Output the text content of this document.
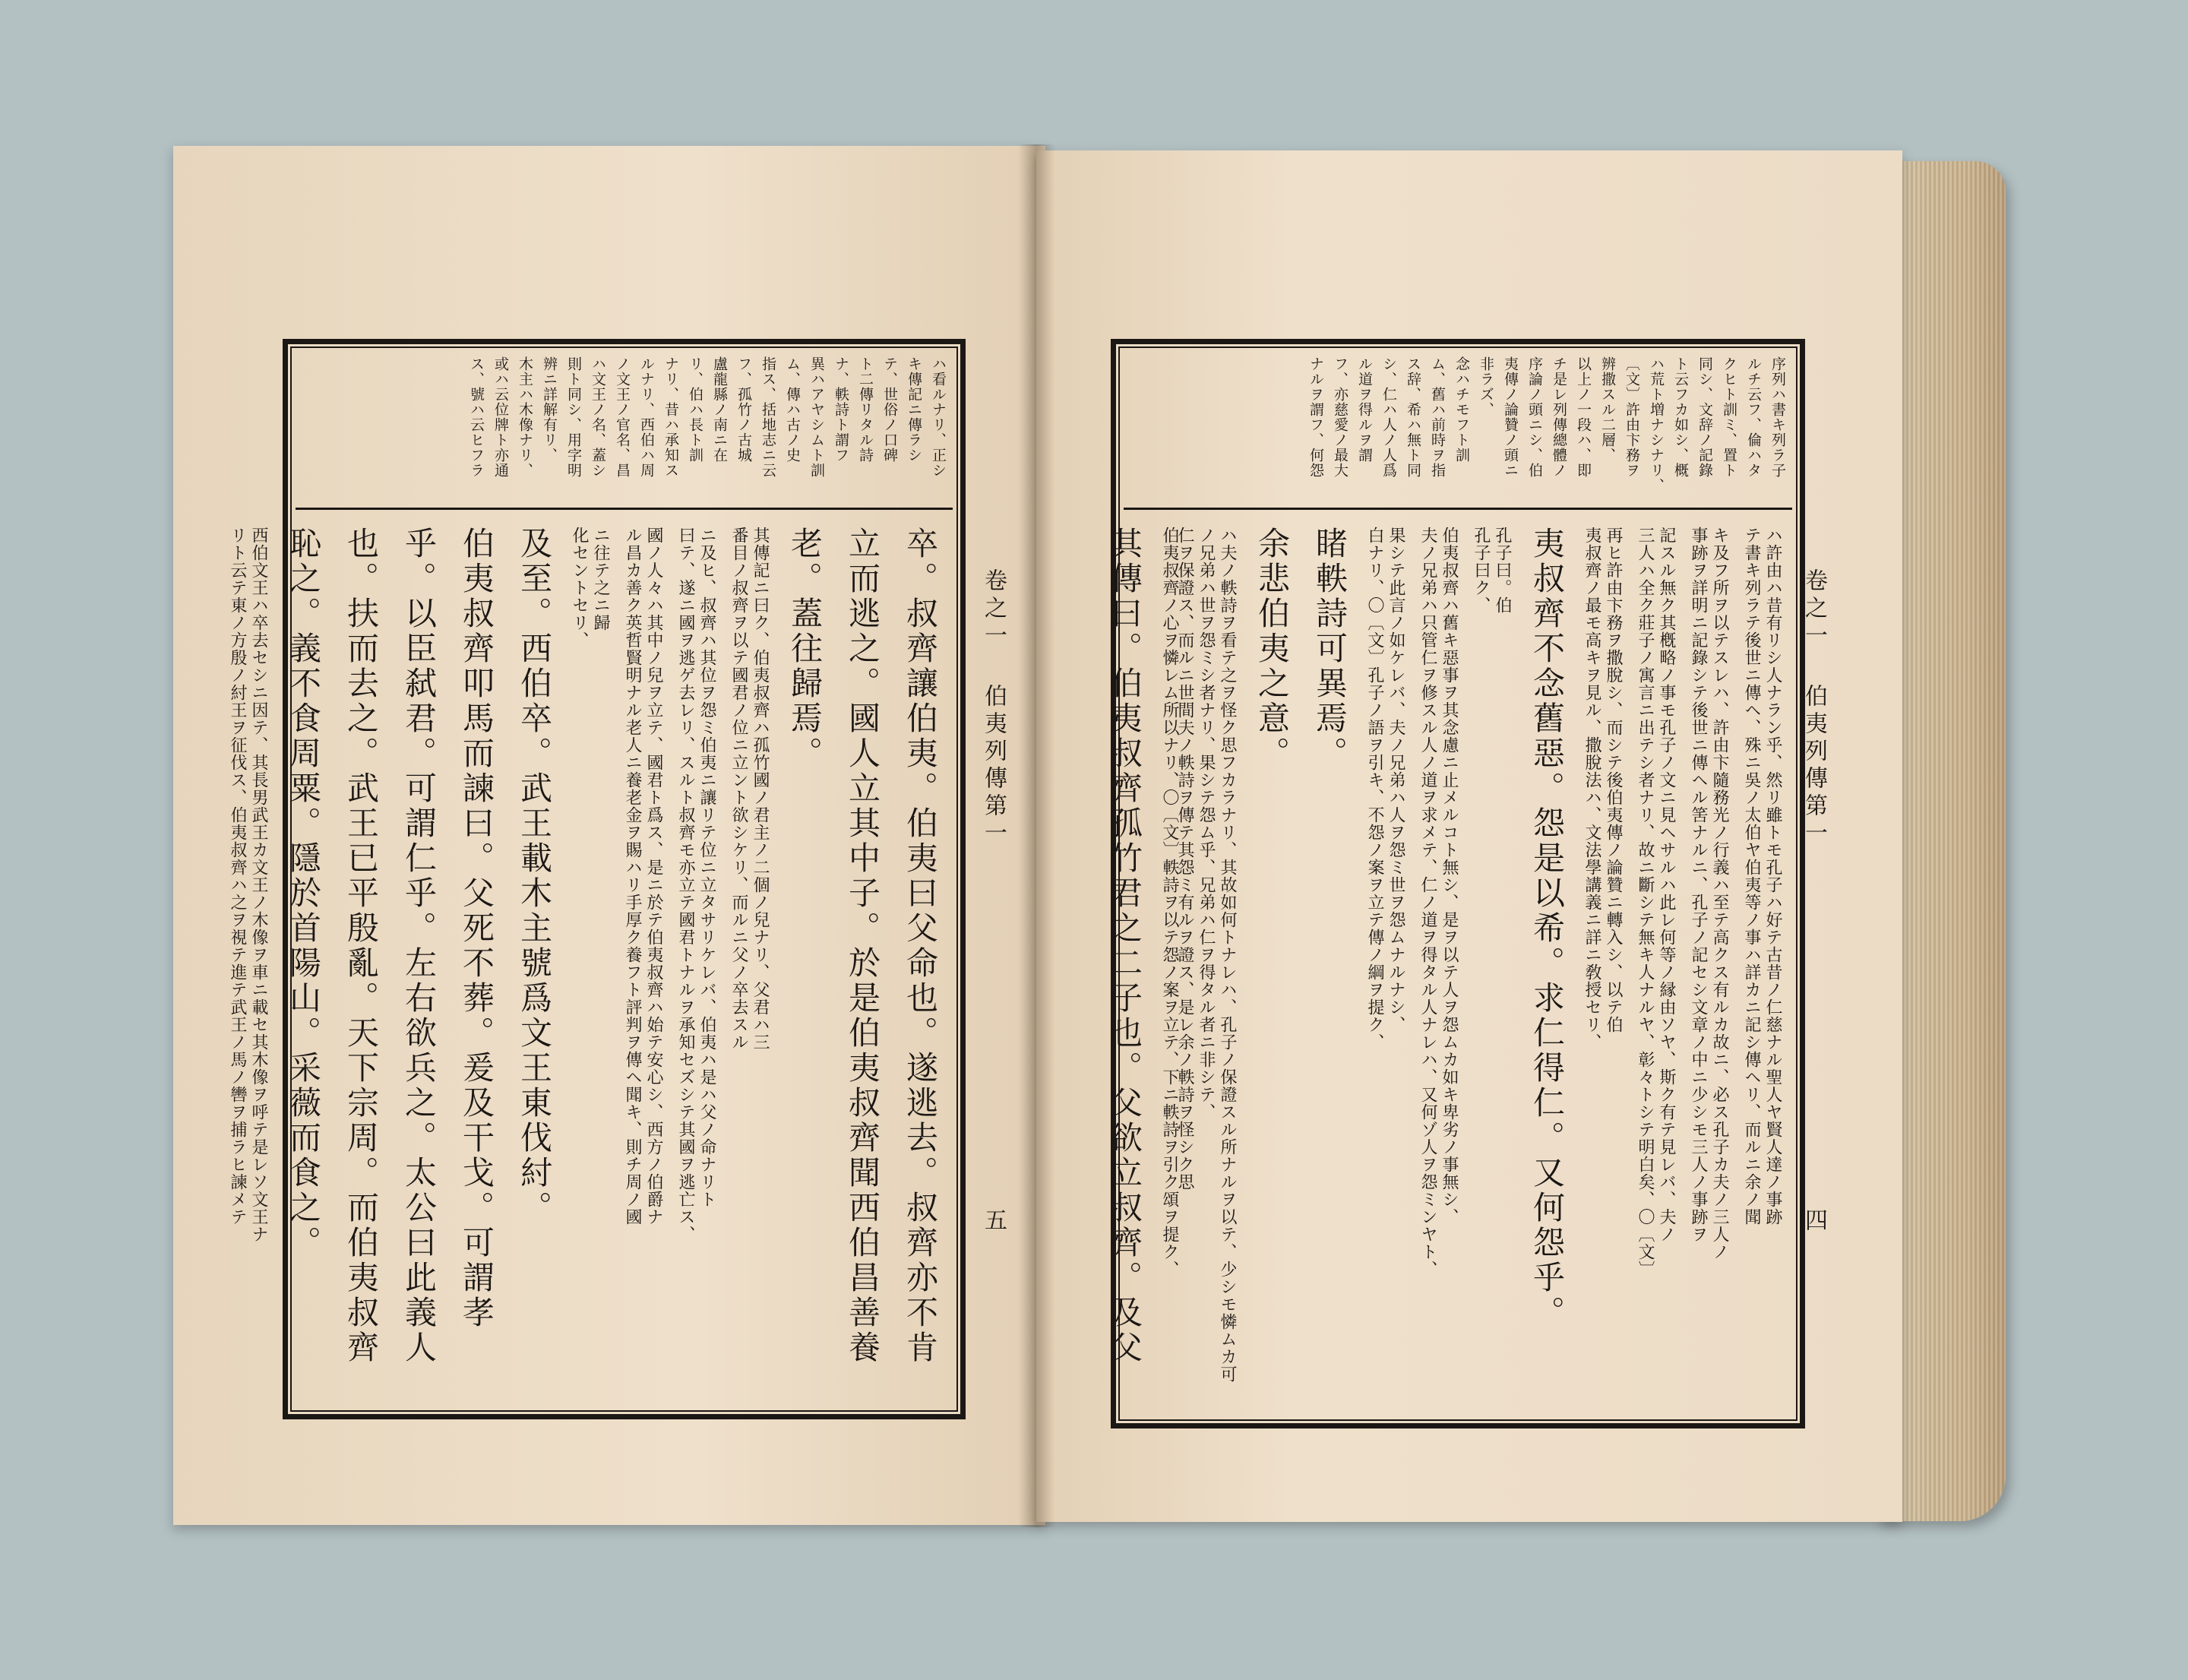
ハ看ルナリ、正シ
キ傳記ニ傳ラシ
テ、世俗ノ口碑
ト二傳リタル詩
ナ、軼詩ト謂フ
異ハアヤシムト訓
ム、傳ハ古ノ史
指ス、括地志ニ云
フ、孤竹ノ古城
盧龍縣ノ南ニ在
リ、伯ハ長ト訓
ナリ、昔ハ承知ス
ルナリ、西伯ハ周
ノ文王ノ官名、昌
ハ文王ノ名、蓋シ
則ト同シ、用字明
辨ニ詳解有リ、
木主ハ木像ナリ、
或ハ云位牌ト亦通
ス、號ハ云ヒフラ
卒。叔齊讓伯夷。伯夷曰父命也。遂逃去。叔齊亦不肯
立而逃之。國人立其中子。於是伯夷叔齊聞西伯昌善養
老。蓋往歸焉。
其傳記ニ曰ク、伯夷叔齊ハ孤竹國ノ君主ノ二個ノ兒ナリ、父君ハ三
番目ノ叔齊ヲ以テ國君ノ位ニ立ント欲シケリ、而ルニ父ノ卒去スル
ニ及ヒ、叔齊ハ其位ヲ怨ミ伯夷ニ讓リテ位ニ立タサリケレバ、伯夷ハ是ハ父ノ命ナリト
曰テ、遂ニ國ヲ逃ゲ去レリ、スルト叔齊モ亦立テ國君トナルヲ承知セズシテ其國ヲ逃亡ス、
國ノ人々ハ其中ノ兒ヲ立テ、國君ト爲ス、是ニ於テ伯夷叔齊ハ始テ安心シ、西方ノ伯爵ナ
ル昌カ善ク英哲賢明ナル老人ニ養老金ヲ賜ハリ手厚ク養フト評判ヲ傳ヘ聞キ、則チ周ノ國
ニ往テ之ニ歸
化セントセリ、
及至。西伯卒。武王載木主號爲文王東伐紂。
伯夷叔齊叩馬而諫曰。父死不葬。爰及干戈。可謂孝
乎。以臣弑君。可謂仁乎。左右欲兵之。太公曰此義人
也。扶而去之。武王已平殷亂。天下宗周。而伯夷叔齊
恥之。義不食周粟。隱於首陽山。采薇而食之。
西伯文王ハ卒去セシニ因テ、其長男武王カ文王ノ木像ヲ車ニ載セ其木像ヲ呼テ是レソ文王ナ
リト云テ東ノ方殷ノ紂王ヲ征伐ス、伯夷叔齊ハ之ヲ視テ進テ武王ノ馬ノ轡ヲ捕ラヒ諫メテ	卷之一
伯夷列傳第一
五
序列ハ書キ列ラ子
ルチ云フ、倫ハタ
クヒト訓ミ、置ト
同シ、文辞ノ記錄
ト云フカ如シ、概
ハ荒ト増ナシナリ、
〔文〕許由卞務ヲ
辨撒スル二層、
以上ノ一段ハ、即
チ是レ列傳總體ノ
序論ノ頭ニシ、伯
夷傳ノ論贊ノ頭ニ
非ラズ、
念ハチモフト訓
ム、舊ハ前時ヲ指
ス辞、希ハ無ト同
シ、仁ハ人ノ人爲
ル道ヲ得ルヲ謂
フ、亦慈愛ノ最大
ナルヲ謂フ、何怨
ハ許由ハ昔有リシ人ナラン乎、然リ雖トモ孔子ハ好テ古昔ノ仁慈ナル聖人ヤ賢人達ノ事跡
テ書キ列ラテ後世ニ傳ヘ、殊ニ吳ノ太伯ヤ伯夷等ノ事ハ詳カニ記シ傳ヘリ、而ルニ余ノ聞
キ及フ所ヲ以テスレハ、許由卞隨務光ノ行義ハ至テ高クス有ルカ故ニ、必ス孔子カ夫ノ三人ノ
事跡ヲ詳明ニ記錄シテ後世ニ傳ヘル筈ナルニ、孔子ノ記セシ文章ノ中ニ少シモ三人ノ事跡ヲ
記スル無ク其槪略ノ事モ孔子ノ文ニ見ヘサルハ此レ何等ノ縁由ソヤ、斯ク有テ見レバ、夫ノ
三人ハ全ク莊子ノ寓言ニ出テシ者ナリ、故ニ斷シテ無キ人ナルヤ、彰々トシテ明白矣、〇〔文〕
再ヒ許由卞務ヲ撒脫シ、而シテ後伯夷傳ノ論贊ニ轉入シ、以テ伯
夷叔齊ノ最モ高キヲ見ル、撒脫法ハ、文法學講義ニ詳ニ敎授セリ、
夷叔齊不念舊惡。怨是以希。求仁得仁。又何怨乎。
孔子曰。伯
孔子曰ク、
伯夷叔齊ハ舊キ惡事ヲ其念慮ニ止メルコト無シ、是ヲ以テ人ヲ怨ムカ如キ卑劣ノ事無シ、
夫ノ兄弟ハ只管仁ヲ修スル人ノ道ヲ求メテ、仁ノ道ヲ得タル人ナレハ、又何ゾ人ヲ怨ミンヤト、
果シテ此言ノ如ケレバ、夫ノ兄弟ハ人ヲ怨ミ世ヲ怨ムナルナシ、
白ナリ、〇〔文〕孔子ノ語ヲ引キ、不怨ノ案ヲ立テ傳ノ綱ヲ提ク、
睹軼詩可異焉。
余悲伯夷之意。
ハ夫ノ軼詩ヲ看テ之ヲ怪ク思フカラナリ、其故如何トナレハ、孔子ノ保證スル所ナルヲ以テ、少シモ憐ムカ可
ノ兄弟ハ世ヲ怨ミシ者ナリ、果シテ怨ム乎、兄弟ハ仁ヲ得タル者ニ非シテ、
仁ヲ保證ス、而ルニ世間夫ノ軼詩ヲ傳テ其怨ミ有ルヲ證ス、是レ余ノ軼詩ヲ怪シク思
伯夷叔齊ノ心ヲ憐レム所以ナリ、〇〔文〕軼詩ヲ以テ怨ノ案ヲ立テ、下ニ軼詩ヲ引ク頌ヲ提ク、
其傳曰。伯夷叔齊孤竹君之二子也。父欲立叔齊。及父	卷之一
伯夷列傳第一
四
